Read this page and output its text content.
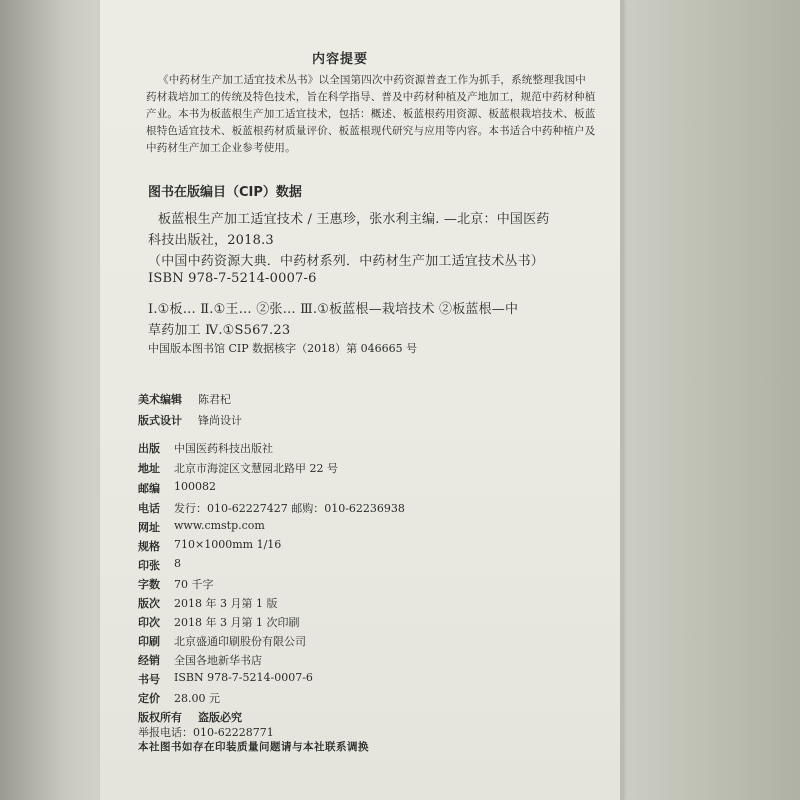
内容提要
《中药材生产加工适宜技术丛书》以全国第四次中药资源普查工作为抓手，系统整理我国中
药材栽培加工的传统及特色技术，旨在科学指导、普及中药材种植及产地加工，规范中药材种植
产业。本书为板蓝根生产加工适宜技术，包括：概述、板蓝根药用资源、板蓝根栽培技术、板蓝
根特色适宜技术、板蓝根药材质量评价、板蓝根现代研究与应用等内容。本书适合中药种植户及
中药材生产加工企业参考使用。
图书在版编目（CIP）数据
板蓝根生产加工适宜技术 / 王惠珍，张水利主编. —北京：中国医药
科技出版社，2018.3
（中国中药资源大典．中药材系列．中药材生产加工适宜技术丛书）
ISBN 978-7-5214-0007-6
Ⅰ.①板… Ⅱ.①王… ②张… Ⅲ.①板蓝根—栽培技术 ②板蓝根—中
草药加工 Ⅳ.①S567.23
中国版本图书馆 CIP 数据核字（2018）第 046665 号
美术编辑 陈君杞
版式设计 锋尚设计
出版 中国医药科技出版社
地址 北京市海淀区文慧园北路甲 22 号
邮编 100082
电话 发行：010-62227427 邮购：010-62236938
网址 www.cmstp.com
规格 710×1000mm 1/16
印张 8
字数 70 千字
版次 2018 年 3 月第 1 版
印次 2018 年 3 月第 1 次印刷
印刷 北京盛通印刷股份有限公司
经销 全国各地新华书店
书号 ISBN 978-7-5214-0007-6
定价 28.00 元
版权所有 盗版必究
举报电话：010-62228771
本社图书如存在印装质量问题请与本社联系调换
